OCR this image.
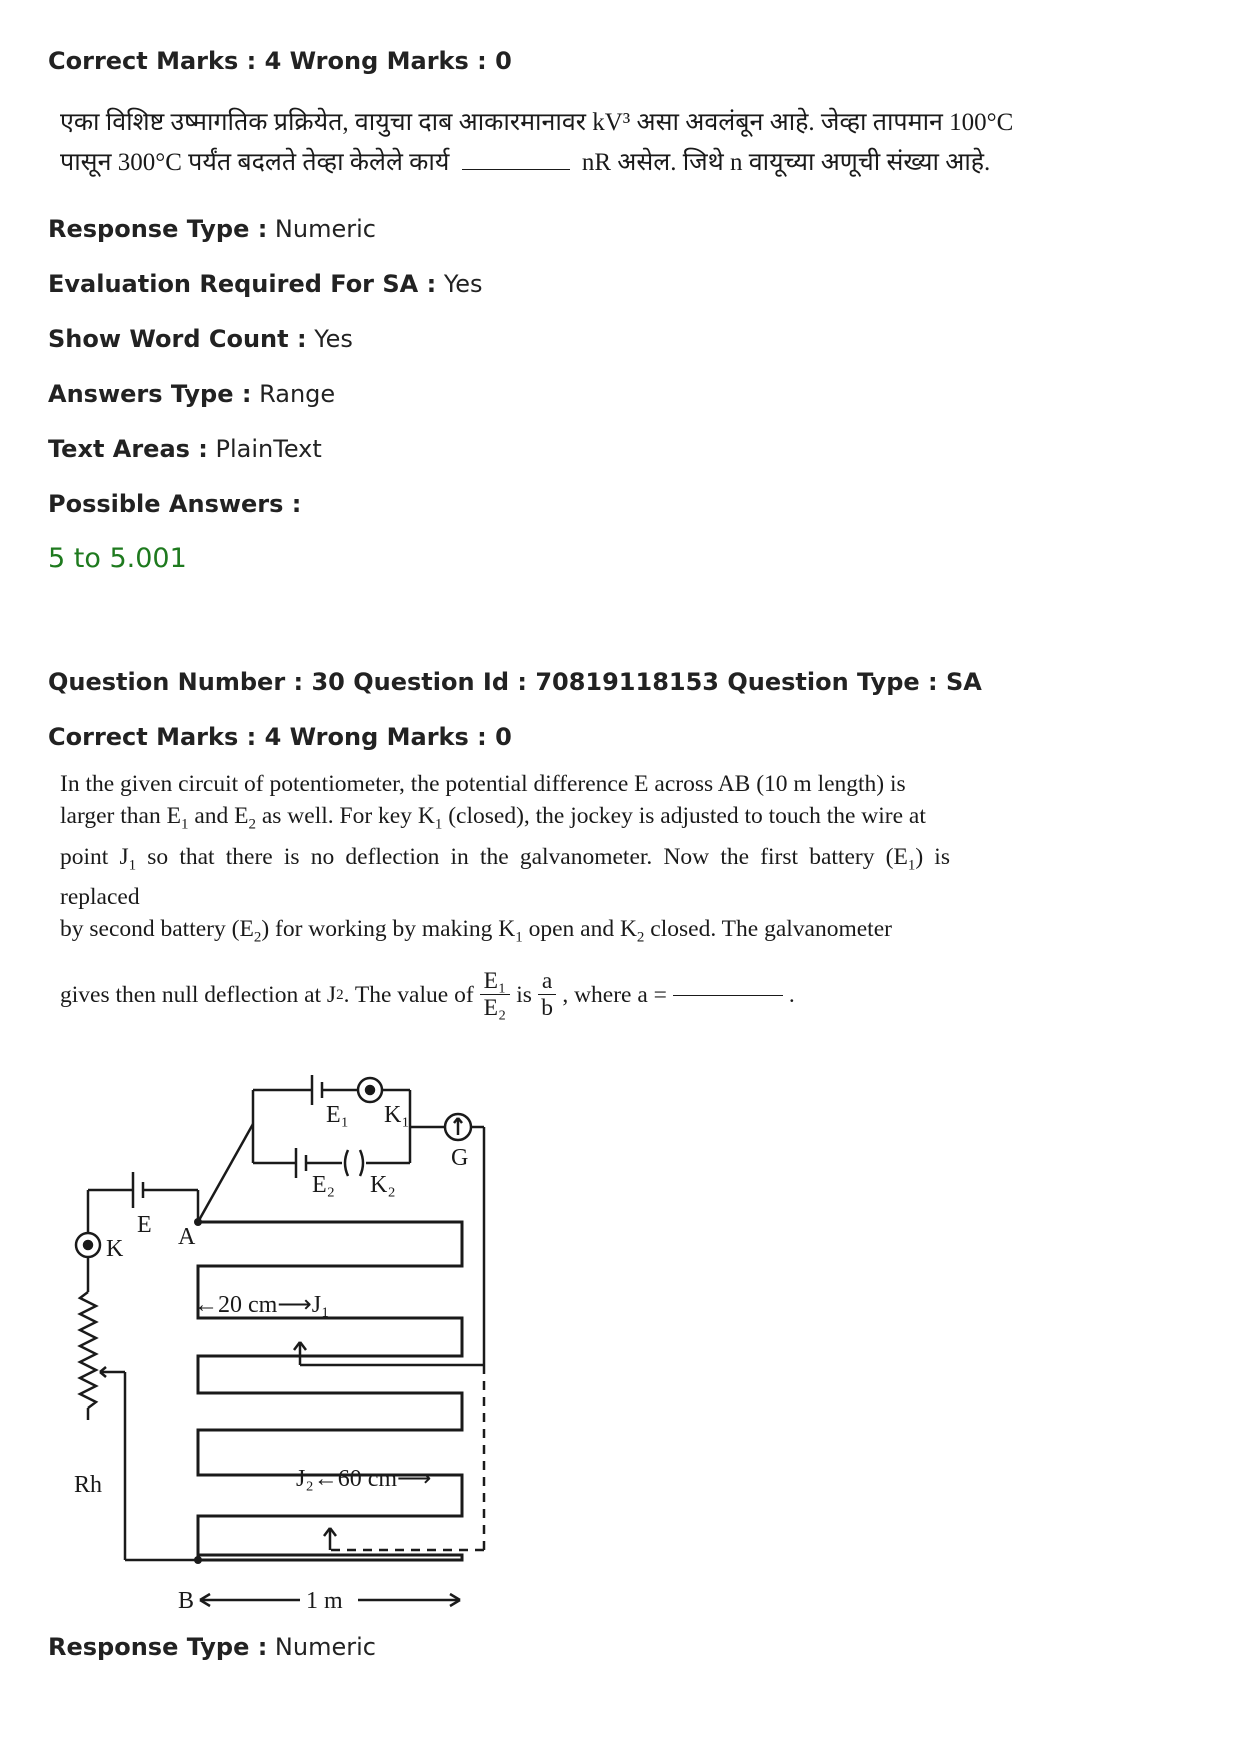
Correct Marks : 4 Wrong Marks : 0
एका विशिष्ट उष्मागतिक प्रक्रियेत, वायुचा दाब आकारमानावर kV³ असा अवलंबून आहे. जेव्हा तापमान 100°C
पासून 300°C पर्यंत बदलते तेव्हा केलेले कार्य	nR असेल. जिथे n वायूच्या अणूची संख्या आहे.
Response Type : Numeric
Evaluation Required For SA : Yes
Show Word Count : Yes
Answers Type : Range
Text Areas : PlainText
Possible Answers :
5 to 5.001
Question Number : 30 Question Id : 70819118153 Question Type : SA
Correct Marks : 4 Wrong Marks : 0

In the given circuit of potentiometer, the potential difference E across AB (10 m length) is

larger than $E_1$ and $E_2$ as well. For key $K_1$ (closed), the jockey is adjusted to touch the wire at

point $J_1$ so that there is no deflection in the galvanometer. Now the first battery $(E_1)$ is replaced

by second battery $(E_2)$ for working by making $K_1$ open and $K_2$ closed. The galvanometer

gives then null deflection at J 2 . The value of $\frac{\text{E₁}}{\text{E₂}}$ is $\frac{a}{b}$ , where a =	.
E₁ K₁
E₂ K₂
G
E A
K
Rh
←20 cm⟶J₁
J₂←60 cm⟶
B	1 m
Response Type : Numeric
